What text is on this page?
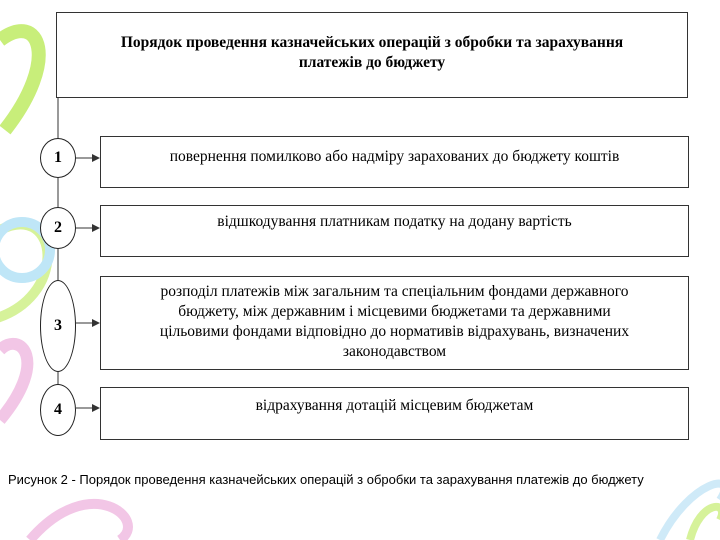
Порядок проведення казначейських операцій з обробки та зарахування
платежів до бюджету
1	повернення помилково або надміру зарахованих до бюджету коштів
2	відшкодування платникам податку на додану вартість
3
розподіл платежів між загальним та спеціальним фондами державного
бюджету, між державним і місцевими бюджетами та державними
цільовими фондами відповідно до нормативів відрахувань, визначених
законодавством
4	відрахування дотацій місцевим бюджетам
Рисунок 2 - Порядок проведення казначейських операцій з обробки та зарахування платежів до бюджету
